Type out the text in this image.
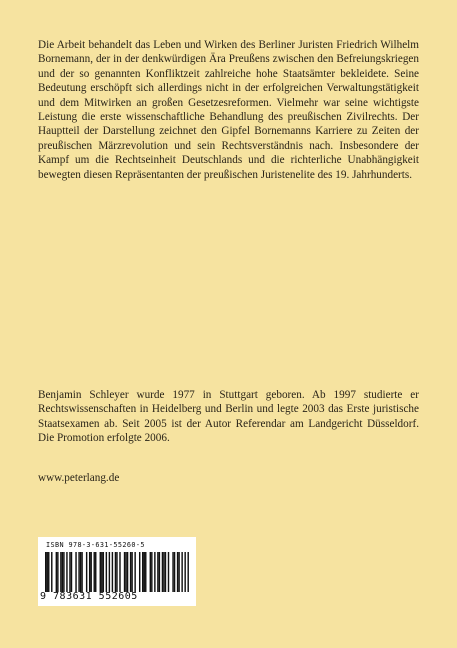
Die Arbeit behandelt das Leben und Wirken des Berliner Juristen Friedrich Wilhelm Bornemann, der in der denkwürdigen Ära Preußens zwischen den Befreiungskriegen und der so genannten Konfliktzeit zahlreiche hohe Staatsämter bekleidete. Seine Bedeutung erschöpft sich allerdings nicht in der erfolgreichen Verwaltungstätigkeit und dem Mitwirken an großen Gesetzesreformen. Vielmehr war seine wichtigste Leistung die erste wissenschaftliche Behandlung des preußischen Zivilrechts. Der Hauptteil der Darstellung zeichnet den Gipfel Bornemanns Karriere zu Zeiten der preußischen Märzrevolution und sein Rechtsverständnis nach. Insbesondere der Kampf um die Rechtseinheit Deutschlands und die richterliche Unabhängigkeit bewegten diesen Repräsentanten der preußischen Juristenelite des 19. Jahrhunderts.

Benjamin Schleyer wurde 1977 in Stuttgart geboren. Ab 1997 studierte er Rechtswissenschaften in Heidelberg und Berlin und legte 2003 das Erste juristische Staatsexamen ab. Seit 2005 ist der Autor Referendar am Landgericht Düsseldorf. Die Promotion erfolgte 2006.

www.peterlang.de

ISBN 978-3-631-55260-5
9 783631 552605
